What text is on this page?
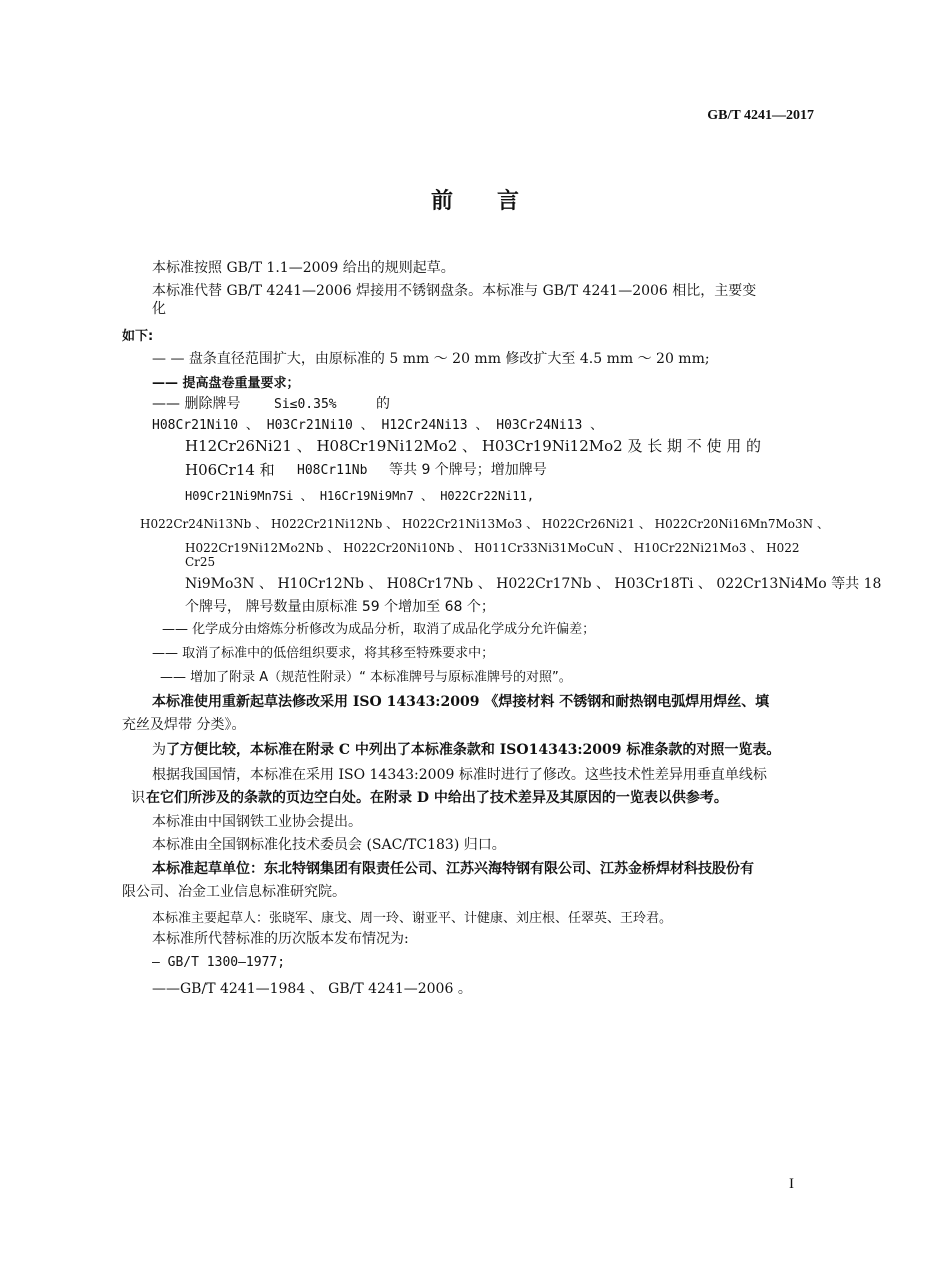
GB/T 4241—2017
前言
本标准按照 GB/T 1.1—2009 给出的规则起草。
本标准代替 GB/T 4241—2006 焊接用不锈钢盘条。本标准与 GB/T 4241—2006 相比，主要变
化
如下:
— — 盘条直径范围扩大，由原标准的 5 mm ～ 20 mm 修改扩大至 4.5 mm ～ 20 mm;
—— 提高盘卷重量要求；
—— 删除牌号	Si≤0.35%	的
H08Cr21Ni10 、 H03Cr21Ni10 、 H12Cr24Ni13 、 H03Cr24Ni13 、
H12Cr26Ni21 、 H08Cr19Ni12Mo2 、 H03Cr19Ni12Mo2 及 长 期 不 使 用 的
H06Cr14 和 H08Cr11Nb 等共 9 个牌号；增加牌号
H09Cr21Ni9Mn7Si 、 H16Cr19Ni9Mn7 、 H022Cr22Ni11,
H022Cr24Ni13Nb 、 H022Cr21Ni12Nb 、 H022Cr21Ni13Mo3 、 H022Cr26Ni21 、 H022Cr20Ni16Mn7Mo3N 、
H022Cr19Ni12Mo2Nb 、 H022Cr20Ni10Nb 、 H011Cr33Ni31MoCuN 、 H10Cr22Ni21Mo3 、 H022
Cr25
Ni9Mo3N 、 H10Cr12Nb 、 H08Cr17Nb 、 H022Cr17Nb 、 H03Cr18Ti 、 022Cr13Ni4Mo 等共 18
个牌号， 牌号数量由原标准 59 个增加至 68 个；
—— 化学成分由熔炼分析修改为成品分析，取消了成品化学成分允许偏差；
—— 取消了标准中的低倍组织要求，将其移至特殊要求中；
—— 增加了附录 A（规范性附录）“ 本标准牌号与原标准牌号的对照”。
本标准使用重新起草法修改采用 ISO 14343:2009 《焊接材料 不锈钢和耐热钢电弧焊用焊丝、填
充丝及焊带 分类》。
为 了方便比较，本标准在附录 C 中列出了本标准条款和 ISO14343:2009 标准条款的对照一览表。
根据我国国情，本标准在采用 ISO 14343:2009 标准时进行了修改。这些技术性差异用垂直单线标
识 在它们所涉及的条款的页边空白处。在附录 D 中给出了技术差异及其原因的一览表以供参考。
本标准由中国钢铁工业协会提出。
本标准由全国钢标准化技术委员会 (SAC/TC183) 归口。
本标准起草单位：东北特钢集团有限责任公司、江苏兴海特钢有限公司、江苏金桥焊材科技股份有
限公司、冶金工业信息标准研究院。
本标准主要起草人：张晓军、康戈、周一玲、谢亚平、计健康、刘庄根、任翠英、王玲君。
本标准所代替标准的历次版本发布情况为:
— GB/T 1300—1977;
——GB/T 4241—1984 、 GB/T 4241—2006 。
I
